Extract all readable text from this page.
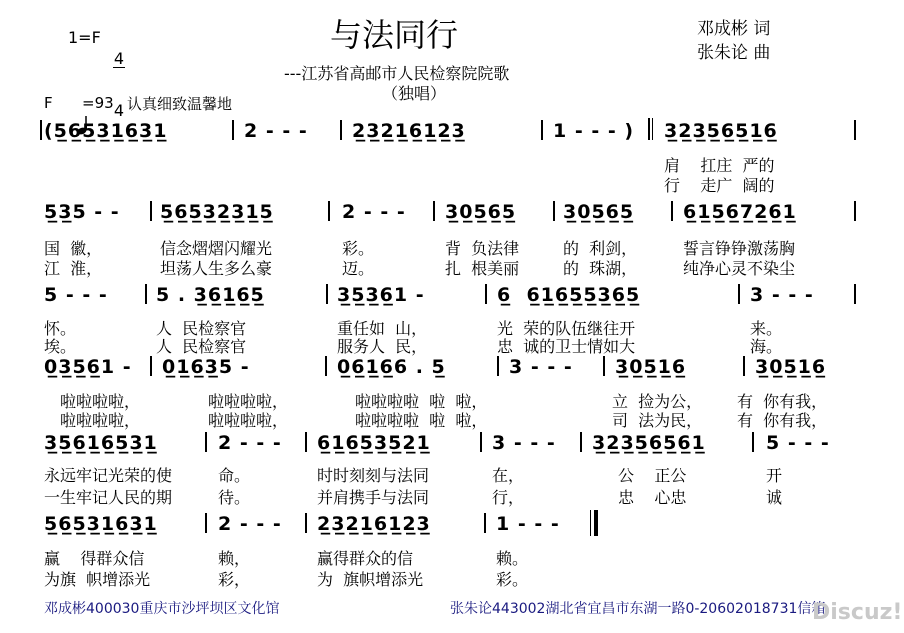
1=F

4

4

与法同行	邓成彬 词
张朱论 曲
---江苏省高邮市人民检察院院歌
（独唱）
F

=93 认真细致温馨地
(5̲6̲5̲3̲1̲6̲3̲1̲	2 - - - 2̲3̲2̲1̲6̲1̲2̲3̲	1 - - - ) 3̲2̲3̲5̲6̲5̲1̲6̲
肩    扛庄  严的
行    走广  阔的
5̲3̲5 - - 5̲6̲5̲3̲2̲3̲1̲5̲	2 - - - 3̲0̲5̲6̲5̲ 3̲0̲5̲6̲5̲	6̲1̲5̲6̲7̲2̲6̲1̲
国  徽，	信念熠熠闪耀光	彩。	背  负法律	的  利剑，	誓言铮铮激荡胸
江  淮，	坦荡人生多么豪	迈。	扎  根美丽	的  珠湖，	纯净心灵不染尘
5 - - -	5 . 3̲6̲1̲6̲5̲	3̲5̲3̲6̲1 -	6̲  6̲1̲6̲5̲5̲3̲6̲5̲	3 - - -
怀。	人  民检察官	重任如  山，	光  荣的队伍继往开	来。
埃。	人  民检察官	服务人  民，	忠  诚的卫士情如大	海。
0̲3̲5̲6̲1 - 0̲1̲6̲3̲5 -	0̲6̲1̲6̲6 . 5̲	3 - - - 3̲0̲5̲1̲6̲	3̲0̲5̲1̲6̲
啦啦啦啦，	啦啦啦啦，	啦啦啦啦  啦  啦，	立  捡为公， 有  你有我，
啦啦啦啦，	啦啦啦啦，	啦啦啦啦  啦  啦，	司  法为民， 有  你有我，
3̲5̲6̲1̲6̲5̲3̲1̲	2 - - - 6̲1̲6̲5̲3̲5̲2̲1̲	3 - - - 3̲2̲3̲5̲6̲5̲6̲1̲	5 - - -
永远牢记光荣的使	命。	时时刻刻与法同	在，	公    正公	开
一生牢记人民的期	待。	并肩携手与法同	行，	忠    心忠	诚
5̲6̲5̲3̲1̲6̲3̲1̲	2 - - - 2̲3̲2̲1̲6̲1̲2̲3̲	1 - - -
赢    得群众信	赖，	赢得群众的信	赖。
为旗  帜增添光	彩，	为  旗帜增添光	彩。
邓成彬400030重庆市沙坪坝区文化馆	张朱论443002湖北省宜昌市东湖一路0-20602018731信箱
Discuz!
